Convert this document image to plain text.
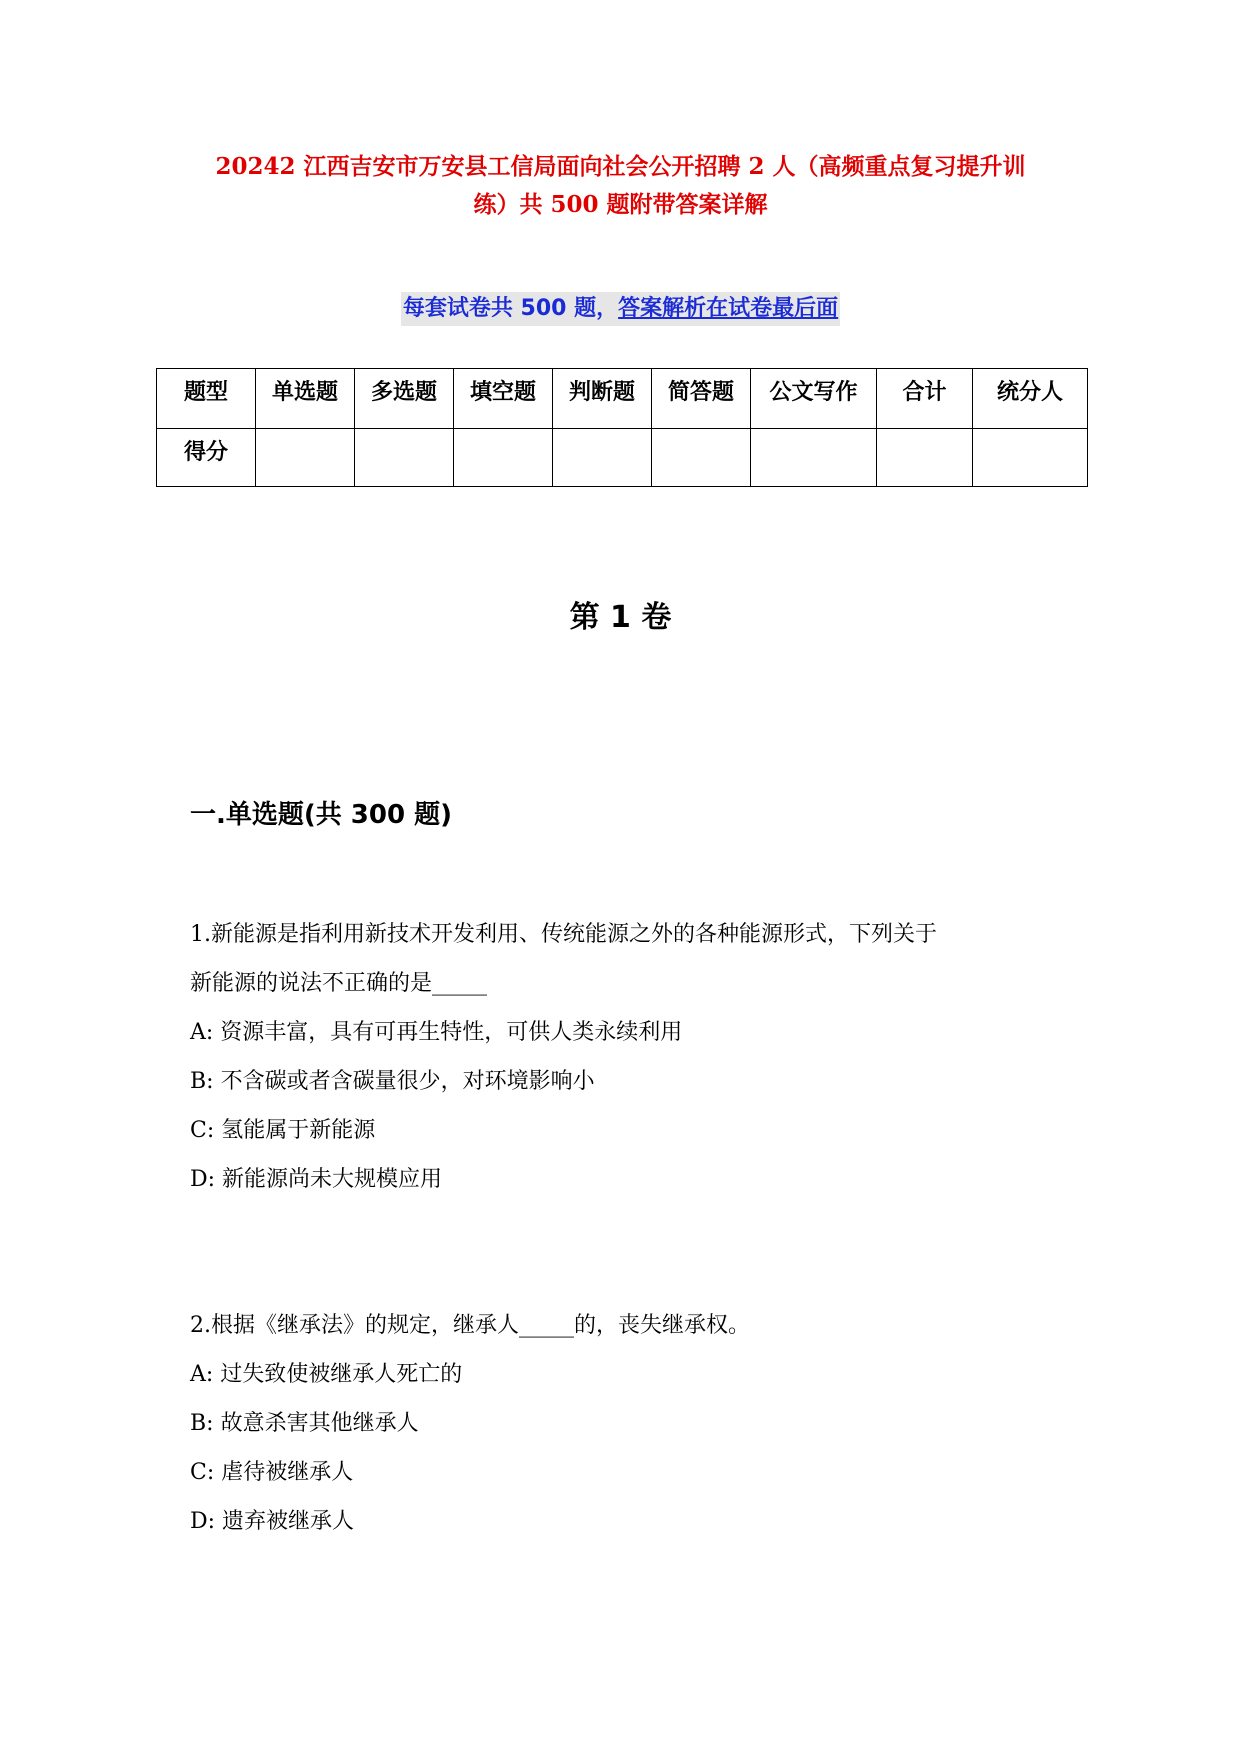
20242 江西吉安市万安县工信局面向社会公开招聘 2 人（高频重点复习提升训
练）共 500 题附带答案详解
每套试卷共 500 题，答案解析在试卷最后面
题型	单选题	多选题	填空题	判断题	简答题	公文写作	合计	统分人
得分								
第 1 卷
一.单选题(共 300 题)
1.新能源是指利用新技术开发利用、传统能源之外的各种能源形式，下列关于
新能源的说法不正确的是_____
A: 资源丰富，具有可再生特性，可供人类永续利用
B: 不含碳或者含碳量很少，对环境影响小
C: 氢能属于新能源
D: 新能源尚未大规模应用
2.根据《继承法》的规定，继承人_____的，丧失继承权。
A: 过失致使被继承人死亡的
B: 故意杀害其他继承人
C: 虐待被继承人
D: 遗弃被继承人
